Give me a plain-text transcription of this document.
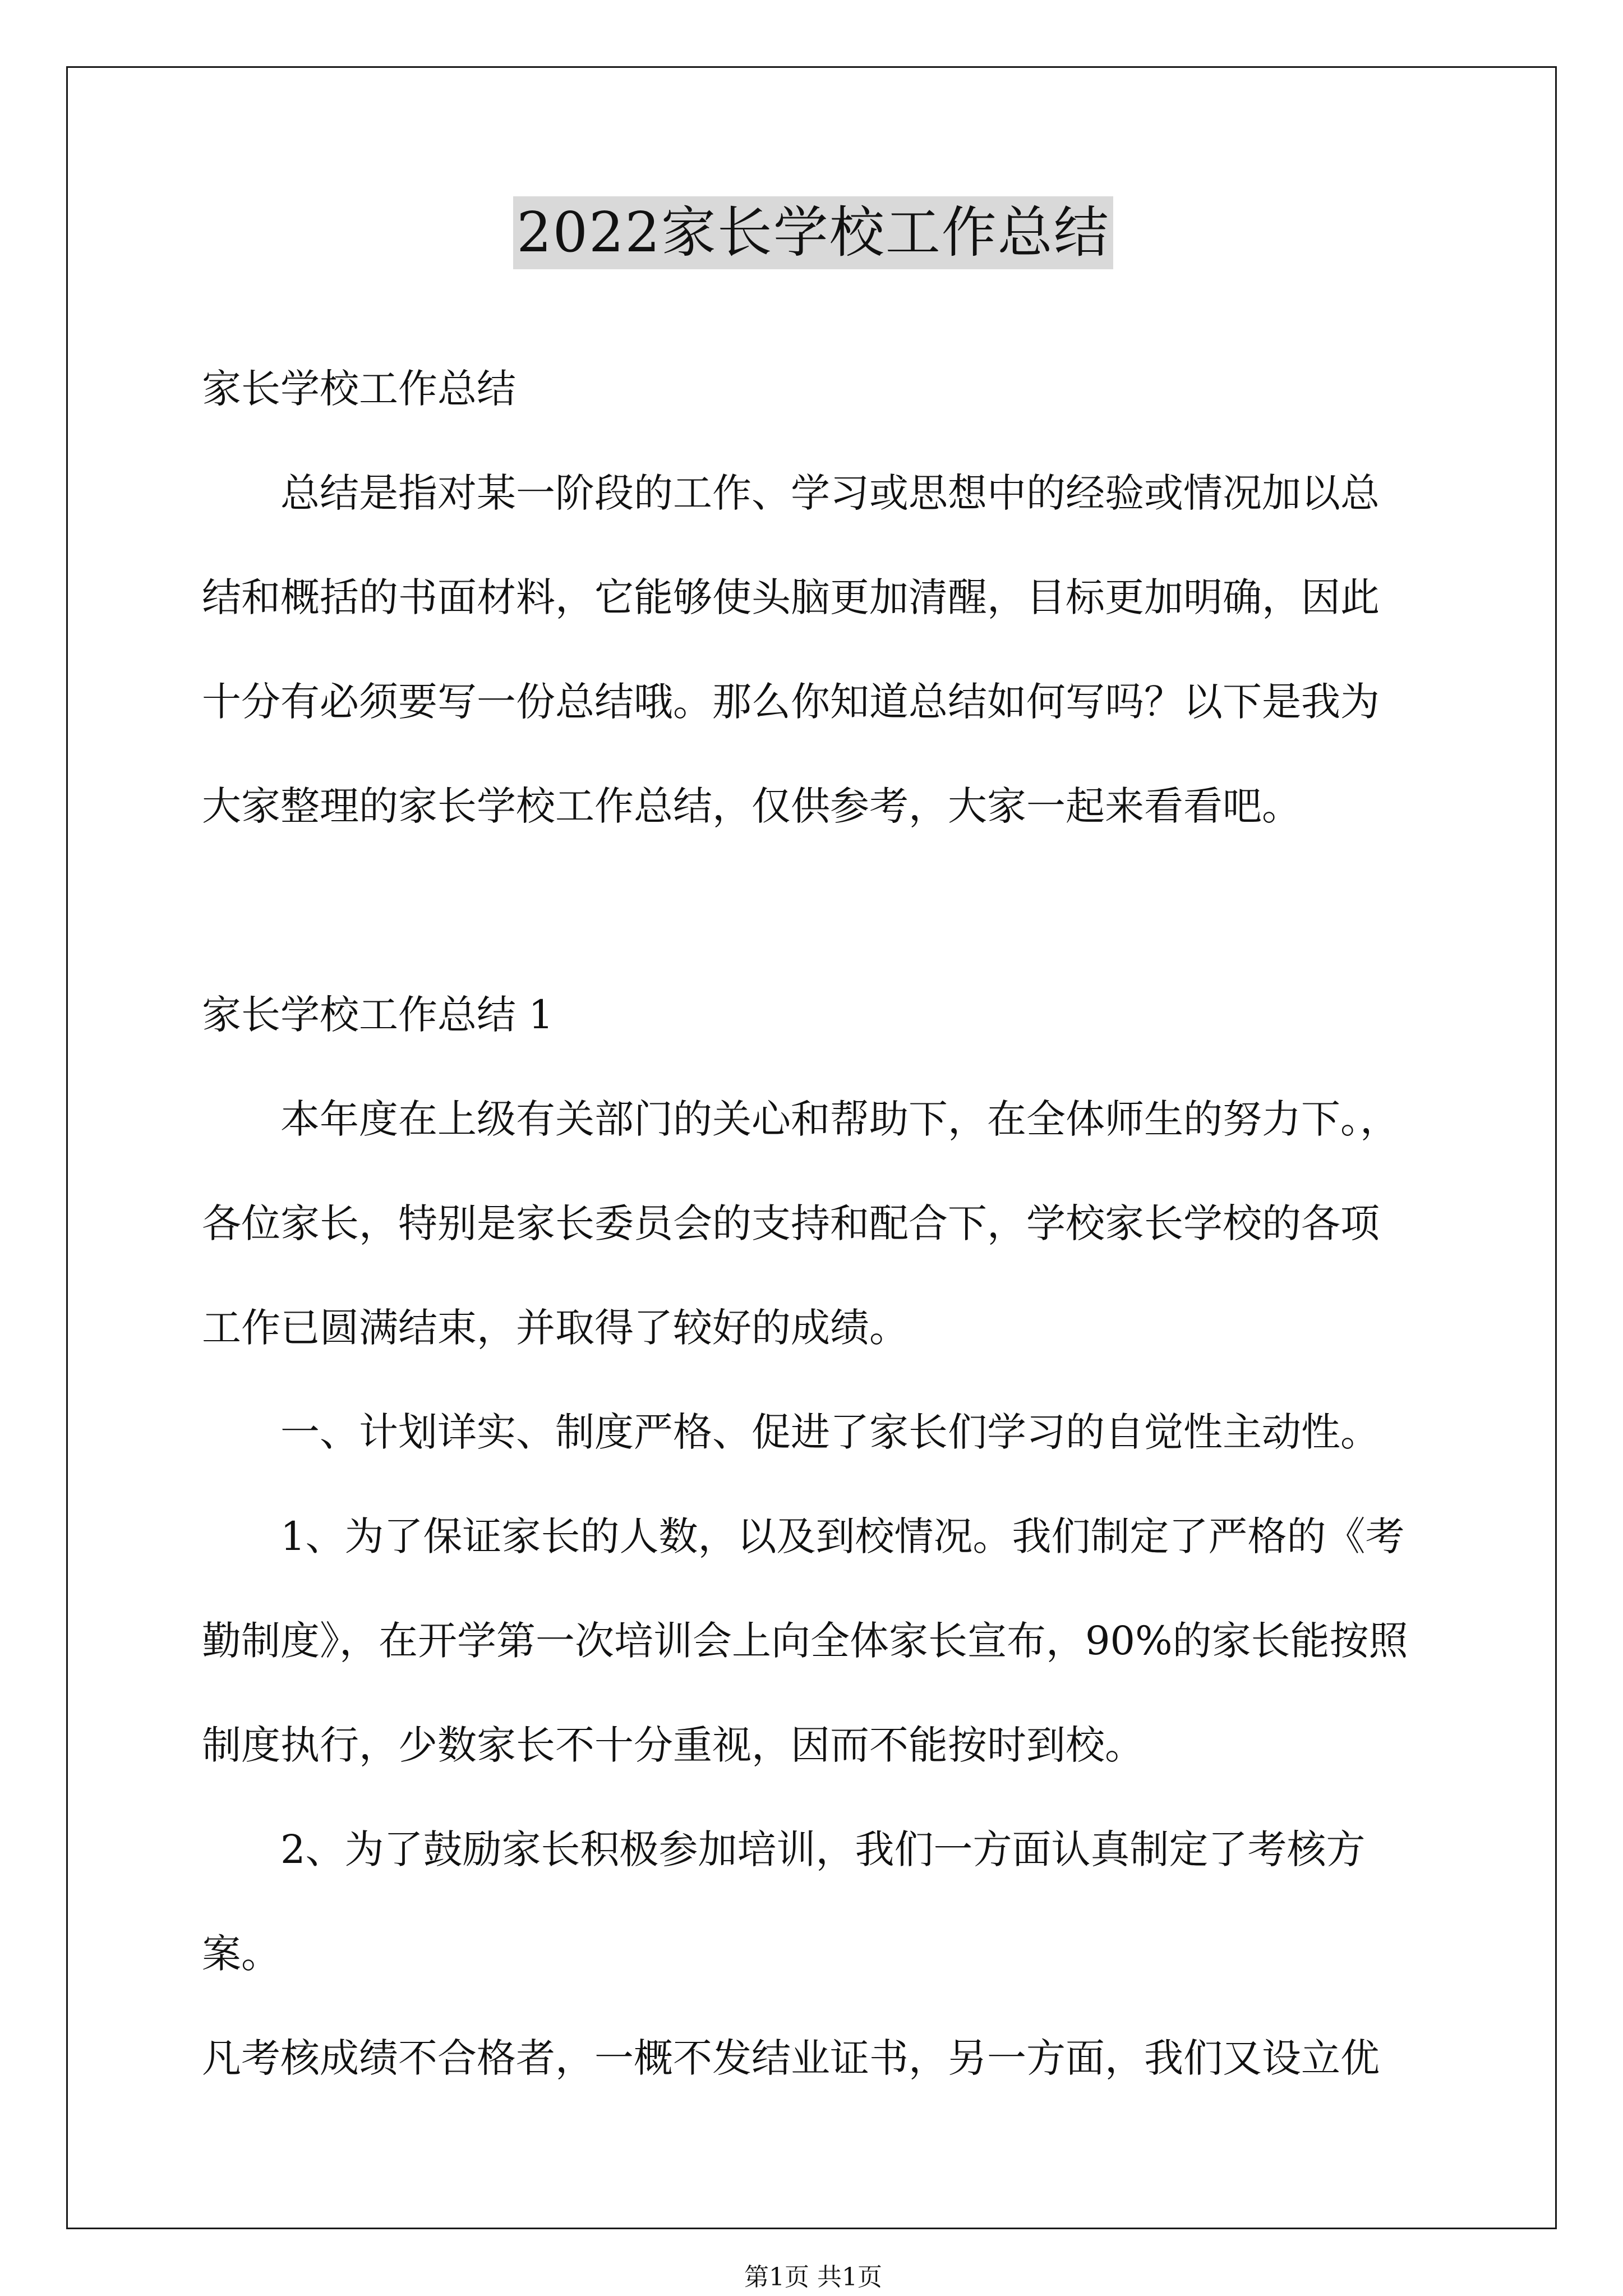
2022家长学校工作总结

家长学校工作总结

总结是指对某一阶段的工作、学习或思想中的经验或情况加以总

结和概括的书面材料，它能够使头脑更加清醒，目标更加明确，因此

十分有必须要写一份总结哦。那么你知道总结如何写吗？以下是我为

大家整理的家长学校工作总结，仅供参考，大家一起来看看吧。

家长学校工作总结 1

本年度在上级有关部门的关心和帮助下，在全体师生的努力下。，

各位家长，特别是家长委员会的支持和配合下，学校家长学校的各项

工作已圆满结束，并取得了较好的成绩。

一、计划详实、制度严格、促进了家长们学习的自觉性主动性。

1、为了保证家长的人数，以及到校情况。我们制定了严格的《考

勤制度》，在开学第一次培训会上向全体家长宣布，90%的家长能按照

制度执行，少数家长不十分重视，因而不能按时到校。

2、为了鼓励家长积极参加培训，我们一方面认真制定了考核方案。

凡考核成绩不合格者，一概不发结业证书，另一方面，我们又设立优

第1页 共1页
